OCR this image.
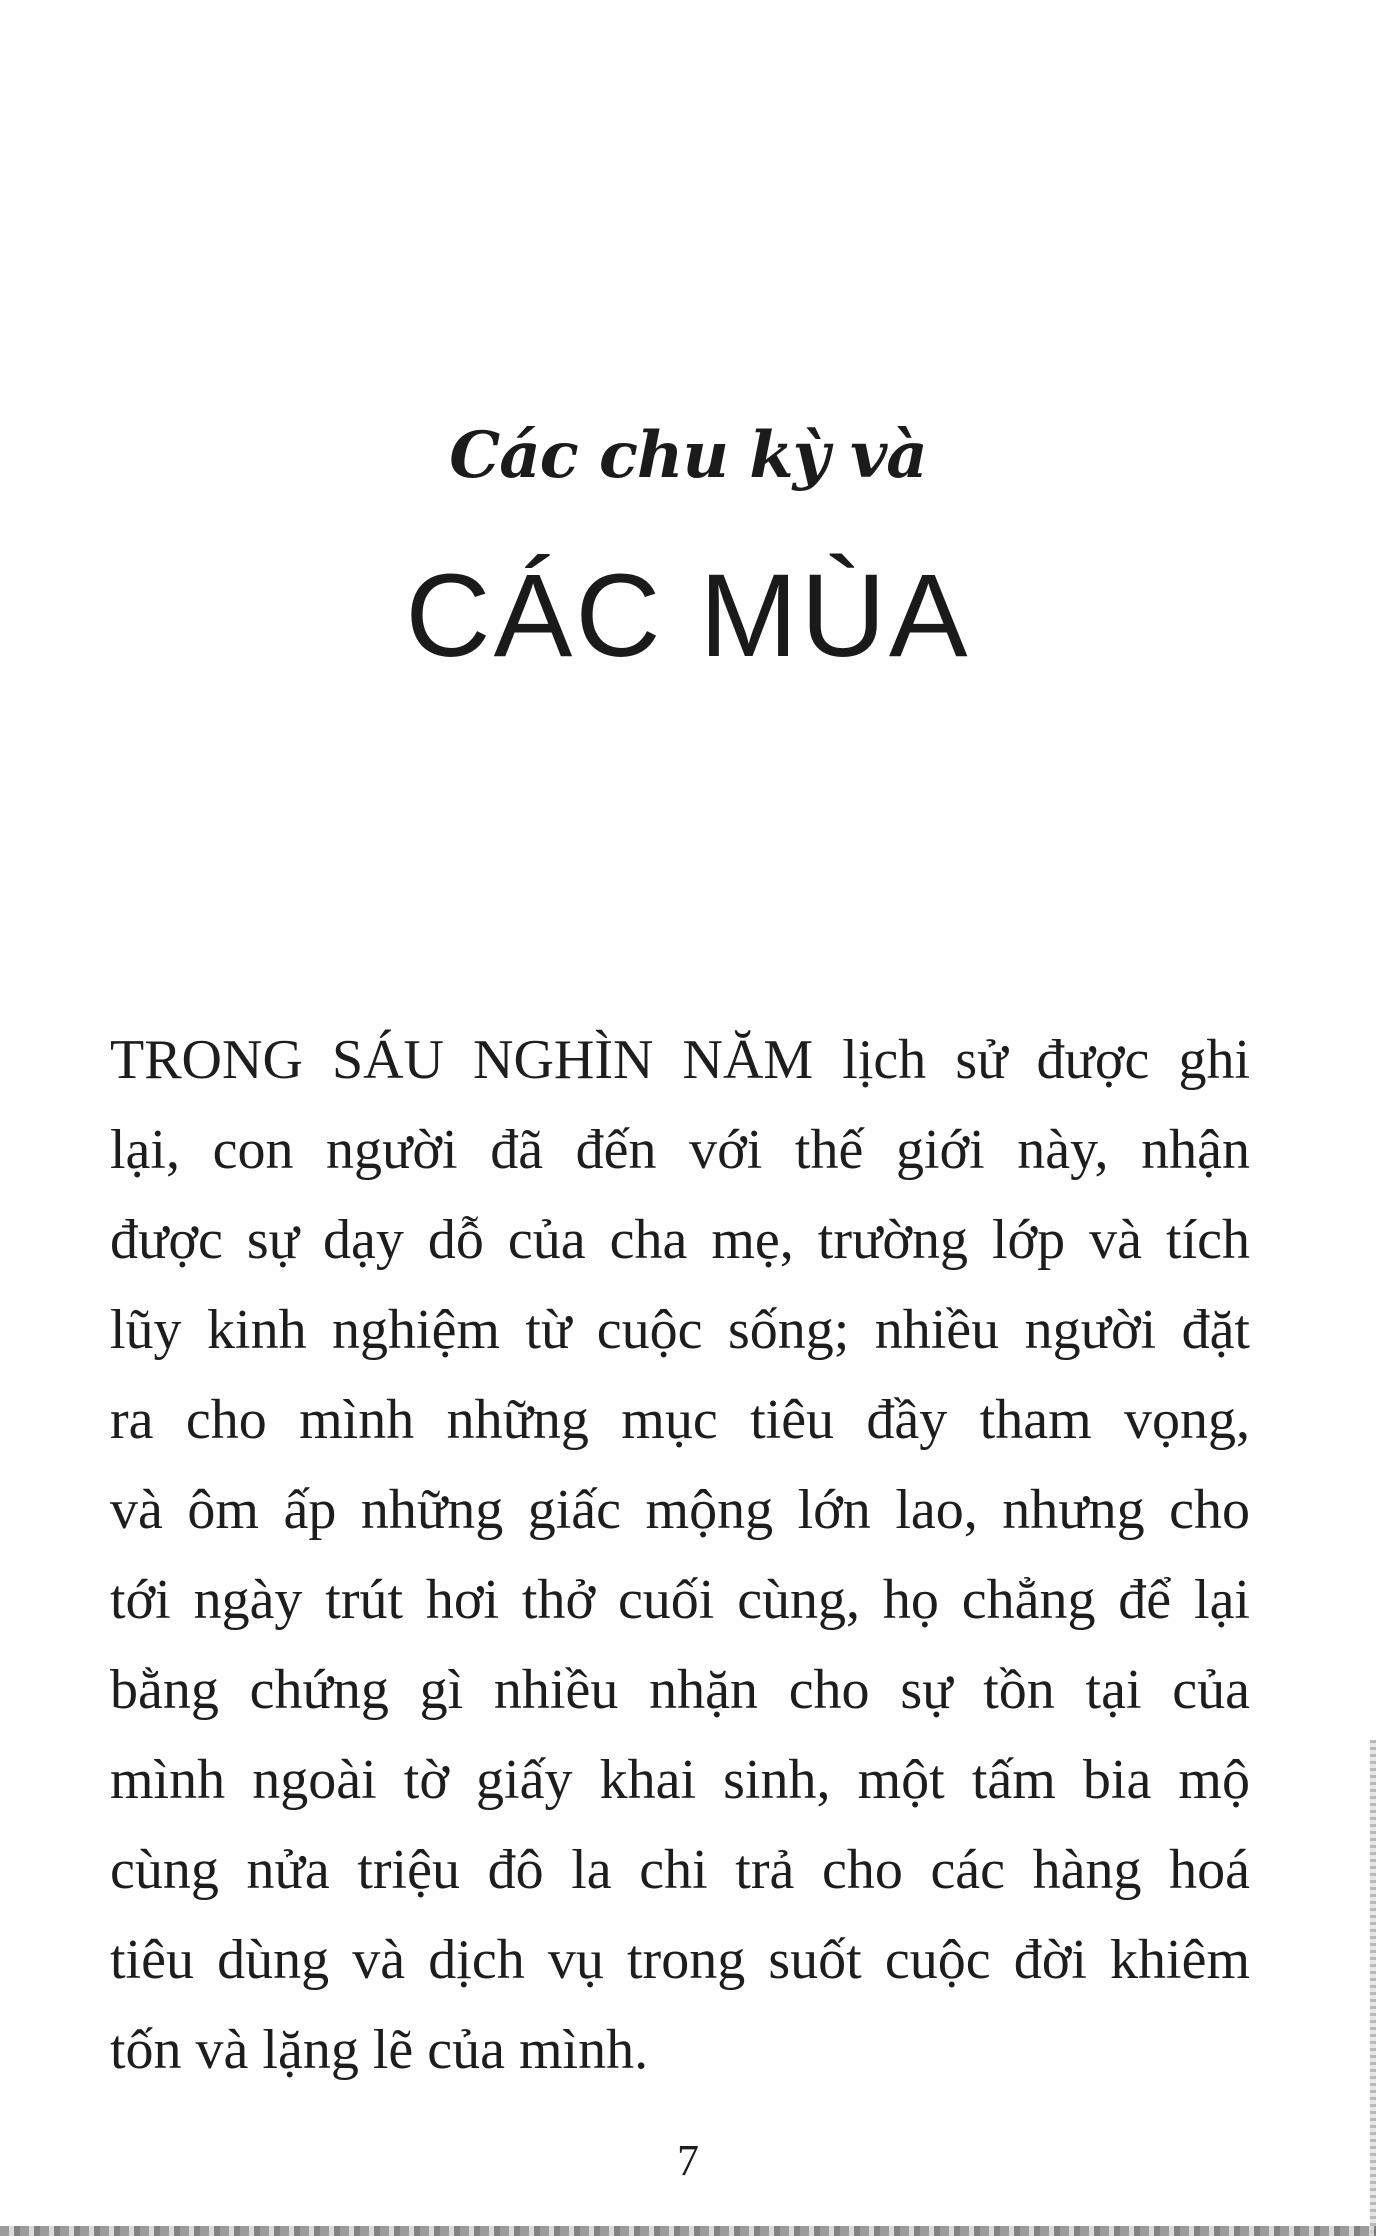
Các chu kỳ và
CÁC MÙA
TRONG SÁU NGHÌN NĂM lịch sử được ghi
lại, con người đã đến với thế giới này, nhận
được sự dạy dỗ của cha mẹ, trường lớp và tích
lũy kinh nghiệm từ cuộc sống; nhiều người đặt
ra cho mình những mục tiêu đầy tham vọng,
và ôm ấp những giấc mộng lớn lao, nhưng cho
tới ngày trút hơi thở cuối cùng, họ chẳng để lại
bằng chứng gì nhiều nhặn cho sự tồn tại của
mình ngoài tờ giấy khai sinh, một tấm bia mộ
cùng nửa triệu đô la chi trả cho các hàng hoá
tiêu dùng và dịch vụ trong suốt cuộc đời khiêm
tốn và lặng lẽ của mình.
7
